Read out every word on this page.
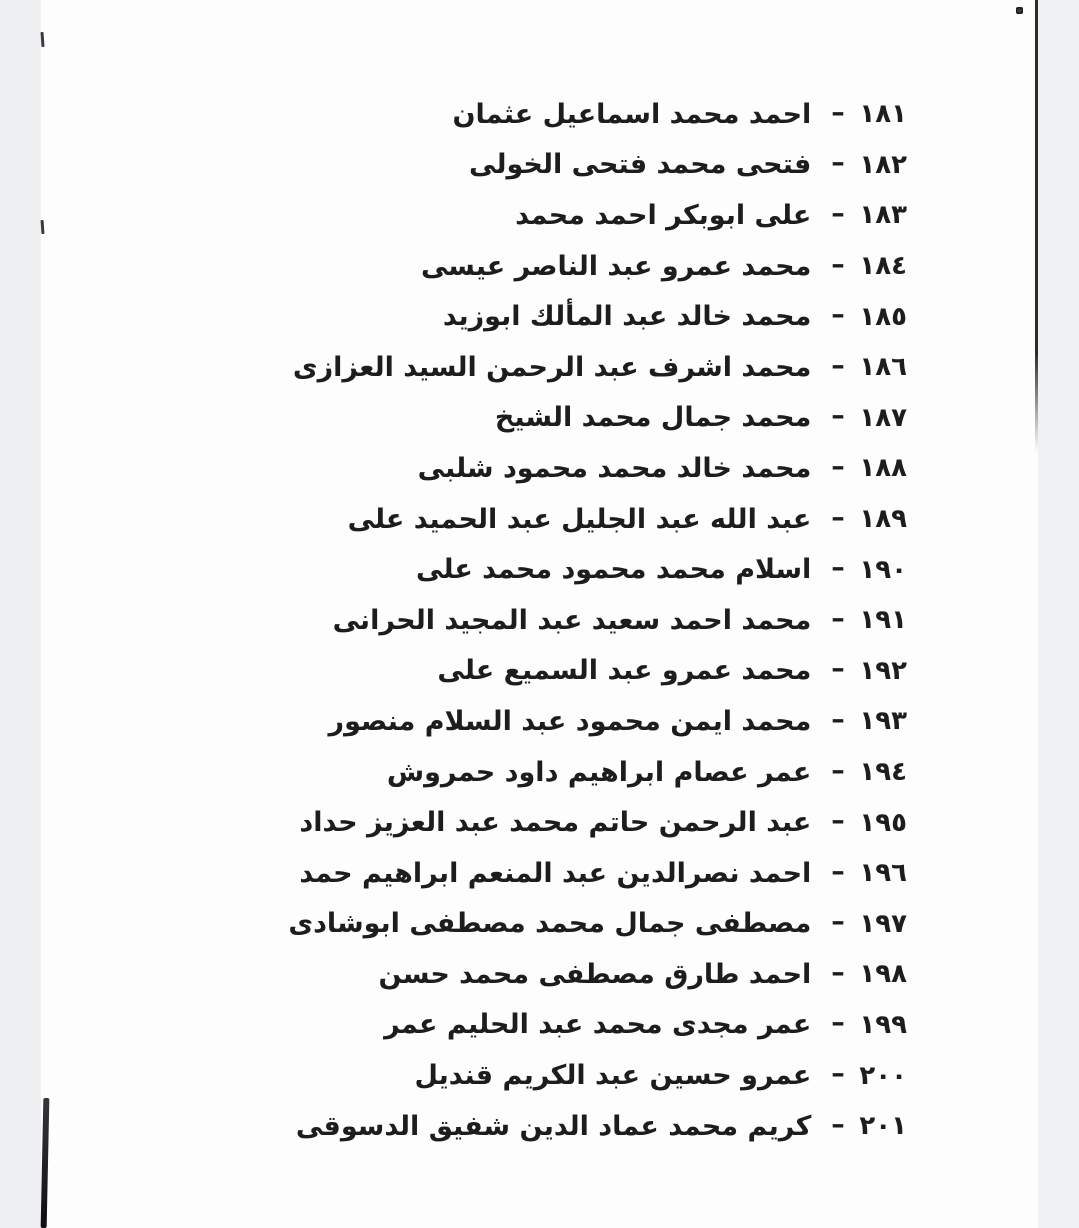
١٨١
–
احمد محمد اسماعيل عثمان
١٨٢
–
فتحى محمد فتحى الخولى
١٨٣
–
على ابوبكر احمد محمد
١٨٤
–
محمد عمرو عبد الناصر عيسى
١٨٥
–
محمد خالد عبد المألك ابوزيد
١٨٦
–
محمد اشرف عبد الرحمن السيد العزازى
١٨٧
–
محمد جمال محمد الشيخ
١٨٨
–
محمد خالد محمد محمود شلبى
١٨٩
–
عبد الله عبد الجليل عبد الحميد على
١٩٠
–
اسلام محمد محمود محمد على
١٩١
–
محمد احمد سعيد عبد المجيد الحرانى
١٩٢
–
محمد عمرو عبد السميع على
١٩٣
–
محمد ايمن محمود عبد السلام منصور
١٩٤
–
عمر عصام ابراهيم داود حمروش
١٩٥
–
عبد الرحمن حاتم محمد عبد العزيز حداد
١٩٦
–
احمد نصرالدين عبد المنعم ابراهيم حمد
١٩٧
–
مصطفى جمال محمد مصطفى ابوشادى
١٩٨
–
احمد طارق مصطفى محمد حسن
١٩٩
–
عمر مجدى محمد عبد الحليم عمر
٢٠٠
–
عمرو حسين عبد الكريم قنديل
٢٠١
–
كريم محمد عماد الدين شفيق الدسوقى
